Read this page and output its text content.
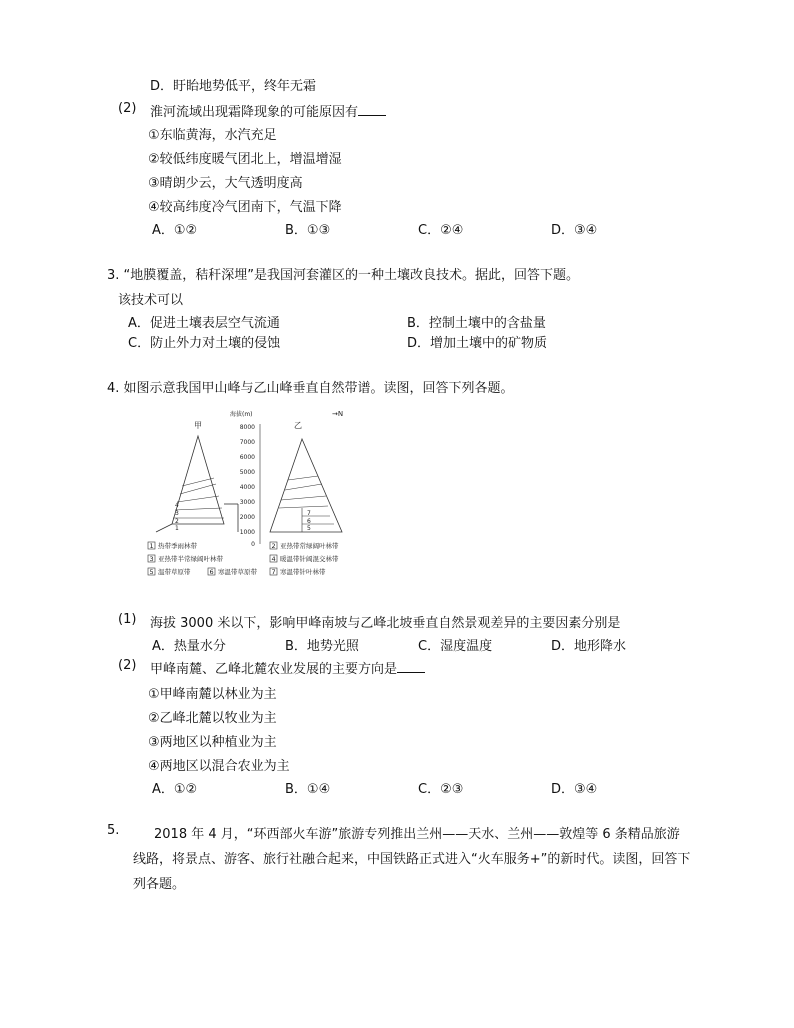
D．盱眙地势低平，终年无霜
(2) 淮河流域出现霜降现象的可能原因有
①东临黄海，水汽充足
②较低纬度暖气团北上，增温增湿
③晴朗少云，大气透明度高
④较高纬度冷气团南下，气温下降
A．①②	B．①③	C．②④	D．③④
3. “地膜覆盖，秸秆深埋”是我国河套灌区的一种土壤改良技术。据此，回答下题。
该技术可以
A．促进土壤表层空气流通	B．控制土壤中的含盐量
C．防止外力对土壤的侵蚀	D．增加土壤中的矿物质
4. 如图示意我国甲山峰与乙山峰垂直自然带谱。读图，回答下列各题。
甲
4
3
2
1
海拔(m)
8000
7000
6000
5000
4000
3000
2000
1000
0
→N
乙
7
6
5
1 热带季雨林带	2 亚热带常绿阔叶林带
3 亚热带半常绿阔叶林带	4 暖温带针阔混交林带
5 温带草原带	6 寒温带草原带 7 寒温带针叶林带
(1) 海拔 3000 米以下，影响甲峰南坡与乙峰北坡垂直自然景观差异的主要因素分别是
A．热量水分	B．地势光照	C．湿度温度	D．地形降水
(2) 甲峰南麓、乙峰北麓农业发展的主要方向是
①甲峰南麓以林业为主
②乙峰北麓以牧业为主
③两地区以种植业为主
④两地区以混合农业为主
A．①②	B．①④	C．②③	D．③④
5.	2018 年 4 月，“环西部火车游”旅游专列推出兰州——天水、兰州——敦煌等 6 条精品旅游
线路，将景点、游客、旅行社融合起来，中国铁路正式进入“火车服务+”的新时代。读图，回答下
列各题。
